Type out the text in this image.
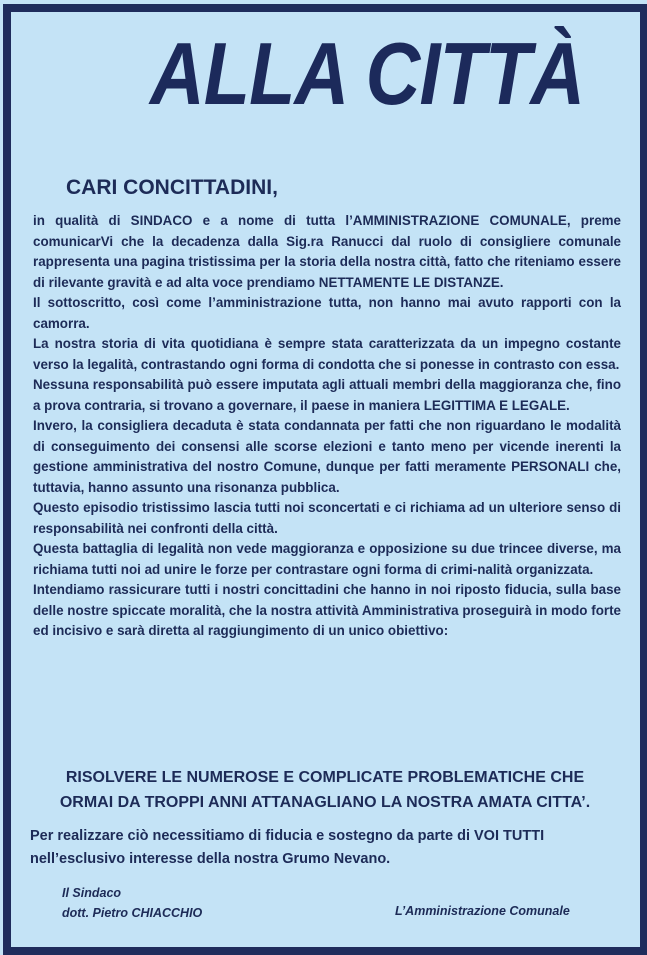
ALLA CITTÀ
CARI CONCITTADINI,

in qualità di SINDACO e a nome di tutta l’AMMINISTRAZIONE COMUNALE, preme comunicarVi che la decadenza dalla Sig.ra Ranucci dal ruolo di consigliere comunale rappresenta una pagina tristissima per la storia della nostra città, fatto che riteniamo essere di rilevante gravità e ad alta voce prendiamo NETTAMENTE LE DISTANZE.

Il sottoscritto, così come l’amministrazione tutta, non hanno mai avuto rapporti con la camorra.

La nostra storia di vita quotidiana è sempre stata caratterizzata da un impegno costante verso la legalità, contrastando ogni forma di condotta che si ponesse in contrasto con essa.

Nessuna responsabilità può essere imputata agli attuali membri della maggioranza che, fino a prova contraria, si trovano a governare, il paese in maniera LEGITTIMA E LEGALE.

Invero, la consigliera decaduta è stata condannata per fatti che non riguardano le modalità di conseguimento dei consensi alle scorse elezioni e tanto meno per vicende inerenti la gestione amministrativa del nostro Comune, dunque per fatti meramente PERSONALI che, tuttavia, hanno assunto una risonanza pubblica.

Questo episodio tristissimo lascia tutti noi sconcertati e ci richiama ad un ulteriore senso di responsabilità nei confronti della città.

Questa battaglia di legalità non vede maggioranza e opposizione su due trincee diverse, ma richiama tutti noi ad unire le forze per contrastare ogni forma di crimi-nalità organizzata.

Intendiamo rassicurare tutti i nostri concittadini che hanno in noi riposto fiducia, sulla base delle nostre spiccate moralità, che la nostra attività Amministrativa proseguirà in modo forte ed incisivo e sarà diretta al raggiungimento di un unico obiettivo:

RISOLVERE LE NUMEROSE E COMPLICATE PROBLEMATICHE CHE
ORMAI DA TROPPI ANNI ATTANAGLIANO LA NOSTRA AMATA CITTA’.

Per realizzare ciò necessitiamo di fiducia e sostegno da parte di VOI TUTTI nell’esclusivo interesse della nostra Grumo Nevano.

Il Sindaco
dott. Pietro CHIACCHIO	L’Amministrazione Comunale
